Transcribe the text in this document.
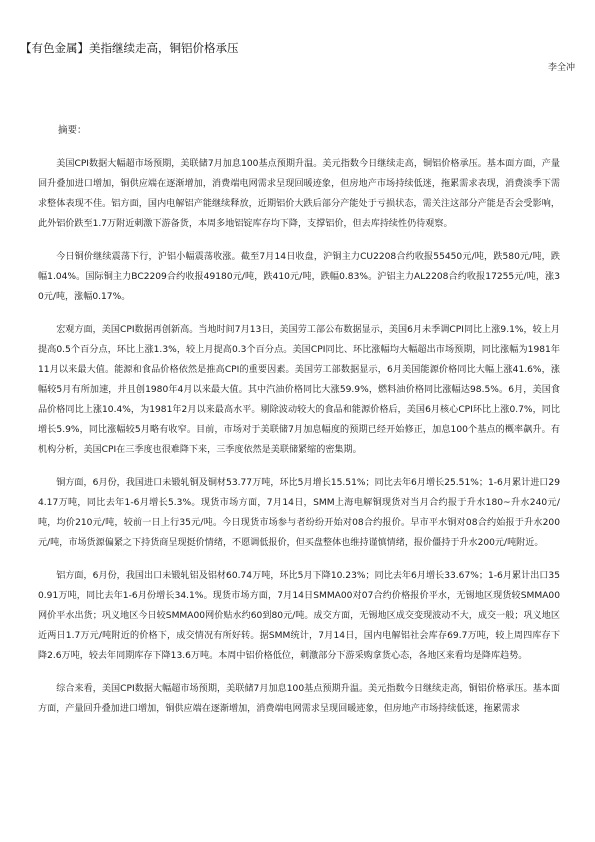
【有色金属】美指继续走高，铜铝价格承压
李全冲
摘要：

美国CPI数据大幅超市场预期，美联储7月加息100基点预期升温。美元指数今日继续走高，铜铝价格承压。基本面方面，产量回升叠加进口增加，铜供应端在逐渐增加，消费端电网需求呈现回暖迹象，但房地产市场持续低迷，拖累需求表现，消费淡季下需求整体表现不佳。铝方面，国内电解铝产能继续释放，近期铝价大跌后部分产能处于亏损状态，需关注这部分产能是否会受影响，此外铝价跌至1.7万附近刺激下游备货，本周多地铝锭库存均下降，支撑铝价，但去库持续性仍待观察。

今日铜价继续震荡下行，沪铝小幅震荡收涨。截至7月14日收盘，沪铜主力CU2208合约收报55450元/吨，跌580元/吨，跌幅1.04%。国际铜主力BC2209合约收报49180元/吨，跌410元/吨，跌幅0.83%。沪铝主力AL2208合约收报17255元/吨，涨30元/吨，涨幅0.17%。

宏观方面，美国CPI数据再创新高。当地时间7月13日，美国劳工部公布数据显示，美国6月未季调CPI同比上涨9.1%，较上月提高0.5个百分点，环比上涨1.3%，较上月提高0.3个百分点。美国CPI同比、环比涨幅均大幅超出市场预期，同比涨幅为1981年11月以来最大值。能源和食品价格依然是推高CPI的重要因素。美国劳工部数据显示，6月美国能源价格同比大幅上涨41.6%，涨幅较5月有所加速，并且创1980年4月以来最大值。其中汽油价格同比大涨59.9%，燃料油价格同比涨幅达98.5%。6月，美国食品价格同比上涨10.4%，为1981年2月以来最高水平。剔除波动较大的食品和能源价格后，美国6月核心CPI环比上涨0.7%，同比增长5.9%，同比涨幅较5月略有收窄。目前，市场对于美联储7月加息幅度的预期已经开始修正，加息100个基点的概率飙升。有机构分析，美国CPI在三季度也很难降下来，三季度依然是美联储紧缩的密集期。

铜方面，6月份，我国进口未锻轧铜及铜材53.77万吨，环比5月增长15.51%；同比去年6月增长25.51%；1-6月累计进口294.17万吨，同比去年1-6月增长5.3%。现货市场方面，7月14日，SMM上海电解铜现货对当月合约报于升水180~升水240元/吨，均价210元/吨，较前一日上行35元/吨。今日现货市场参与者纷纷开始对08合约报价。早市平水铜对08合约始报于升水200元/吨，市场货源偏紧之下持货商呈现挺价情绪，不愿调低报价，但买盘整体也维持谨慎情绪，报价僵持于升水200元/吨附近。

铝方面，6月份，我国出口未锻轧铝及铝材60.74万吨，环比5月下降10.23%；同比去年6月增长33.67%；1-6月累计出口350.91万吨，同比去年1-6月份增长34.1%。现货市场方面，7月14日SMMA00对07合约价格报价平水，无锡地区现货较SMMA00网价平水出货；巩义地区今日较SMMA00网价贴水约60到80元/吨。成交方面，无锡地区成交变现波动不大，成交一般；巩义地区近两日1.7万元/吨附近的价格下，成交情况有所好转。据SMM统计，7月14日，国内电解铝社会库存69.7万吨，较上周四库存下降2.6万吨，较去年同期库存下降13.6万吨。本周中铝价格低位，刺激部分下游采购拿货心态，各地区来看均是降库趋势。

综合来看，美国CPI数据大幅超市场预期，美联储7月加息100基点预期升温。美元指数今日继续走高，铜铝价格承压。基本面方面，产量回升叠加进口增加，铜供应端在逐渐增加，消费端电网需求呈现回暖迹象，但房地产市场持续低迷，拖累需求
